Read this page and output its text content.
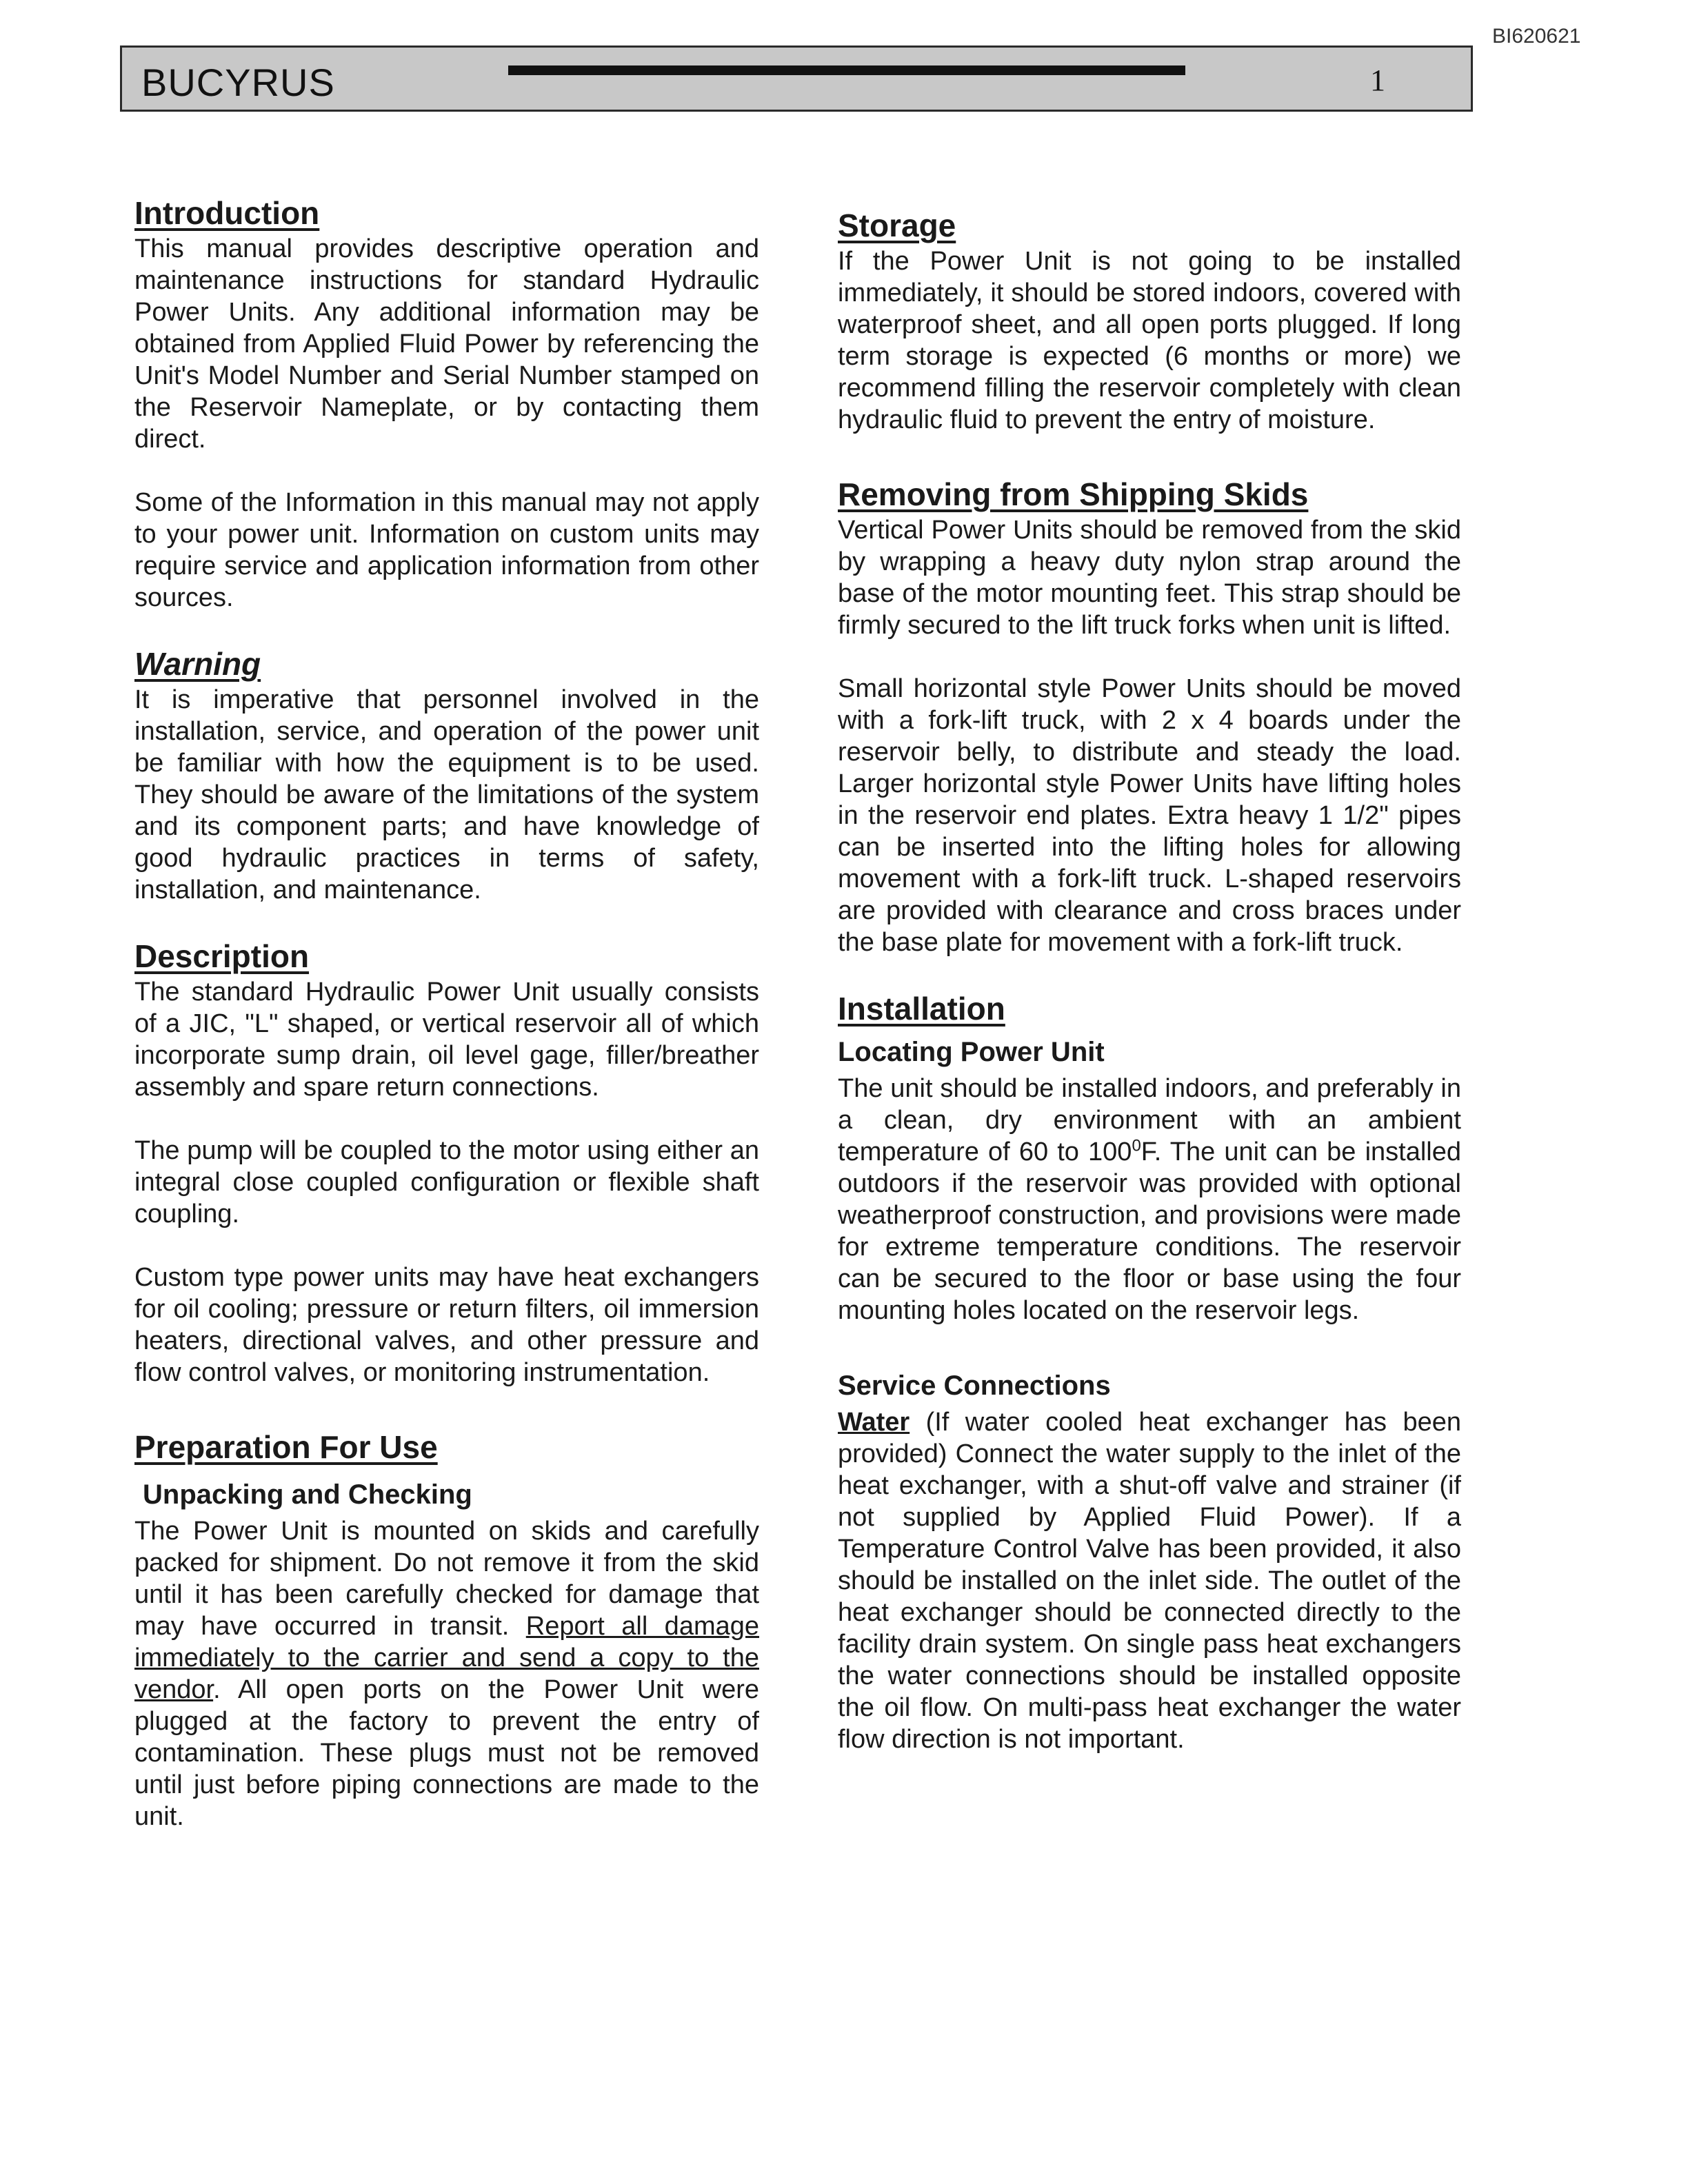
BI620621
BUCYRUS	1
Introduction

This manual provides descriptive operation and maintenance instructions for standard Hydraulic Power Units. Any additional information may be obtained from Applied Fluid Power by referencing the Unit's Model Number and Serial Number stamped on the Reservoir Nameplate, or by contacting them direct.

Some of the Information in this manual may not apply to your power unit. Information on custom units may require service and application information from other sources.

Warning

It is imperative that personnel involved in the installation, service, and operation of the power unit be familiar with how the equipment is to be used. They should be aware of the limitations of the system and its component parts; and have knowledge of good hydraulic practices in terms of safety, installation, and maintenance.

Description

The standard Hydraulic Power Unit usually consists of a JIC, "L" shaped, or vertical reservoir all of which incorporate sump drain, oil level gage, filler/breather assembly and spare return connections.

The pump will be coupled to the motor using either an integral close coupled configuration or flexible shaft coupling.

Custom type power units may have heat exchangers for oil cooling; pressure or return filters, oil immersion heaters, directional valves, and other pressure and flow control valves, or monitoring instrumentation.

Preparation For Use
Unpacking and Checking

The Power Unit is mounted on skids and carefully packed for shipment. Do not remove it from the skid until it has been carefully checked for damage that may have occurred in transit. Report all damage immediately to the carrier and send a copy to the vendor. All open ports on the Power Unit were plugged at the factory to prevent the entry of contamination. These plugs must not be removed until just before piping connections are made to the unit.

Storage

If the Power Unit is not going to be installed immediately, it should be stored indoors, covered with waterproof sheet, and all open ports plugged. If long term storage is expected (6 months or more) we recommend filling the reservoir completely with clean hydraulic fluid to prevent the entry of moisture.

Removing from Shipping Skids

Vertical Power Units should be removed from the skid by wrapping a heavy duty nylon strap around the base of the motor mounting feet. This strap should be firmly secured to the lift truck forks when unit is lifted.

Small horizontal style Power Units should be moved with a fork-lift truck, with 2 x 4 boards under the reservoir belly, to distribute and steady the load. Larger horizontal style Power Units have lifting holes in the reservoir end plates. Extra heavy 1 1/2" pipes can be inserted into the lifting holes for allowing movement with a fork-lift truck. L-shaped reservoirs are provided with clearance and cross braces under the base plate for movement with a fork-lift truck.

Installation
Locating Power Unit

The unit should be installed indoors, and preferably in a clean, dry environment with an ambient temperature of 60 to $100^0F$. The unit can be installed outdoors if the reservoir was provided with optional weatherproof construction, and provisions were made for extreme temperature conditions. The reservoir can be secured to the floor or base using the four mounting holes located on the reservoir legs.

Service Connections

Water (If water cooled heat exchanger has been provided) Connect the water supply to the inlet of the heat exchanger, with a shut-off valve and strainer (if not supplied by Applied Fluid Power). If a Temperature Control Valve has been provided, it also should be installed on the inlet side. The outlet of the heat exchanger should be connected directly to the facility drain system. On single pass heat exchangers the water connections should be installed opposite the oil flow. On multi-pass heat exchanger the water flow direction is not important.
